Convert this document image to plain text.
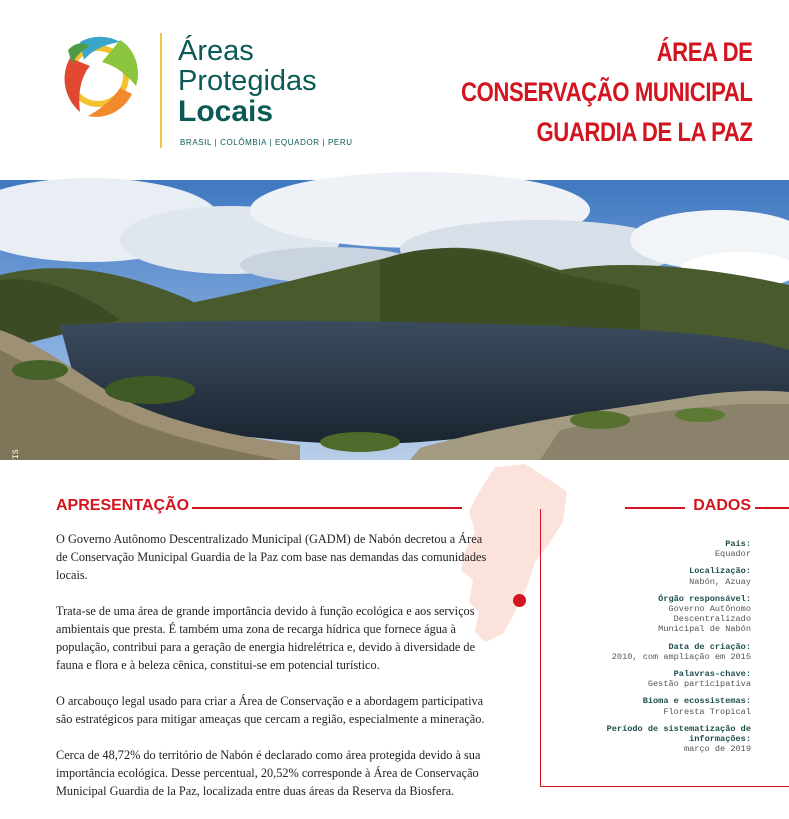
Áreas
Protegidas
Locais
BRASIL | COLÔMBIA | EQUADOR | PERU
ÁREA DE
CONSERVAÇÃO MUNICIPAL
GUARDIA DE LA PAZ
FOTO: Marisol Garlaza, Fundación CFIS APRESENTAÇÃO

O Governo Autônomo Descentralizado Municipal (GADM) de Nabón decretou a Área de Conservação Municipal Guardia de la Paz com base nas demandas das comunidades locais.

Trata-se de uma área de grande importância devido à função ecológica e aos serviços ambientais que presta. É também uma zona de recarga hídrica que fornece água à população, contribui para a geração de energia hidrelétrica e, devido à diversidade de fauna e flora e à beleza cênica, constitui-se em potencial turístico.

O arcabouço legal usado para criar a Área de Conservação e a abordagem participativa são estratégicos para mitigar ameaças que cercam a região, especialmente a mineração.

Cerca de 48,72% do território de Nabón é declarado como área protegida devido à sua importância ecológica. Desse percentual, 20,52% corresponde à Área de Conservação Municipal Guardia de la Paz, localizada entre duas áreas da Reserva da Biosfera.

DADOS
País:
Equador
Localização:
Nabón, Azuay
Órgão responsável:
Governo Autônomo Descentralizado Municipal de Nabón
Data de criação:
2010, com ampliação em 2015
Palavras-chave:
Gestão participativa
Bioma e ecossistemas:
Floresta Tropical
Período de sistematização de informações:
março de 2019
